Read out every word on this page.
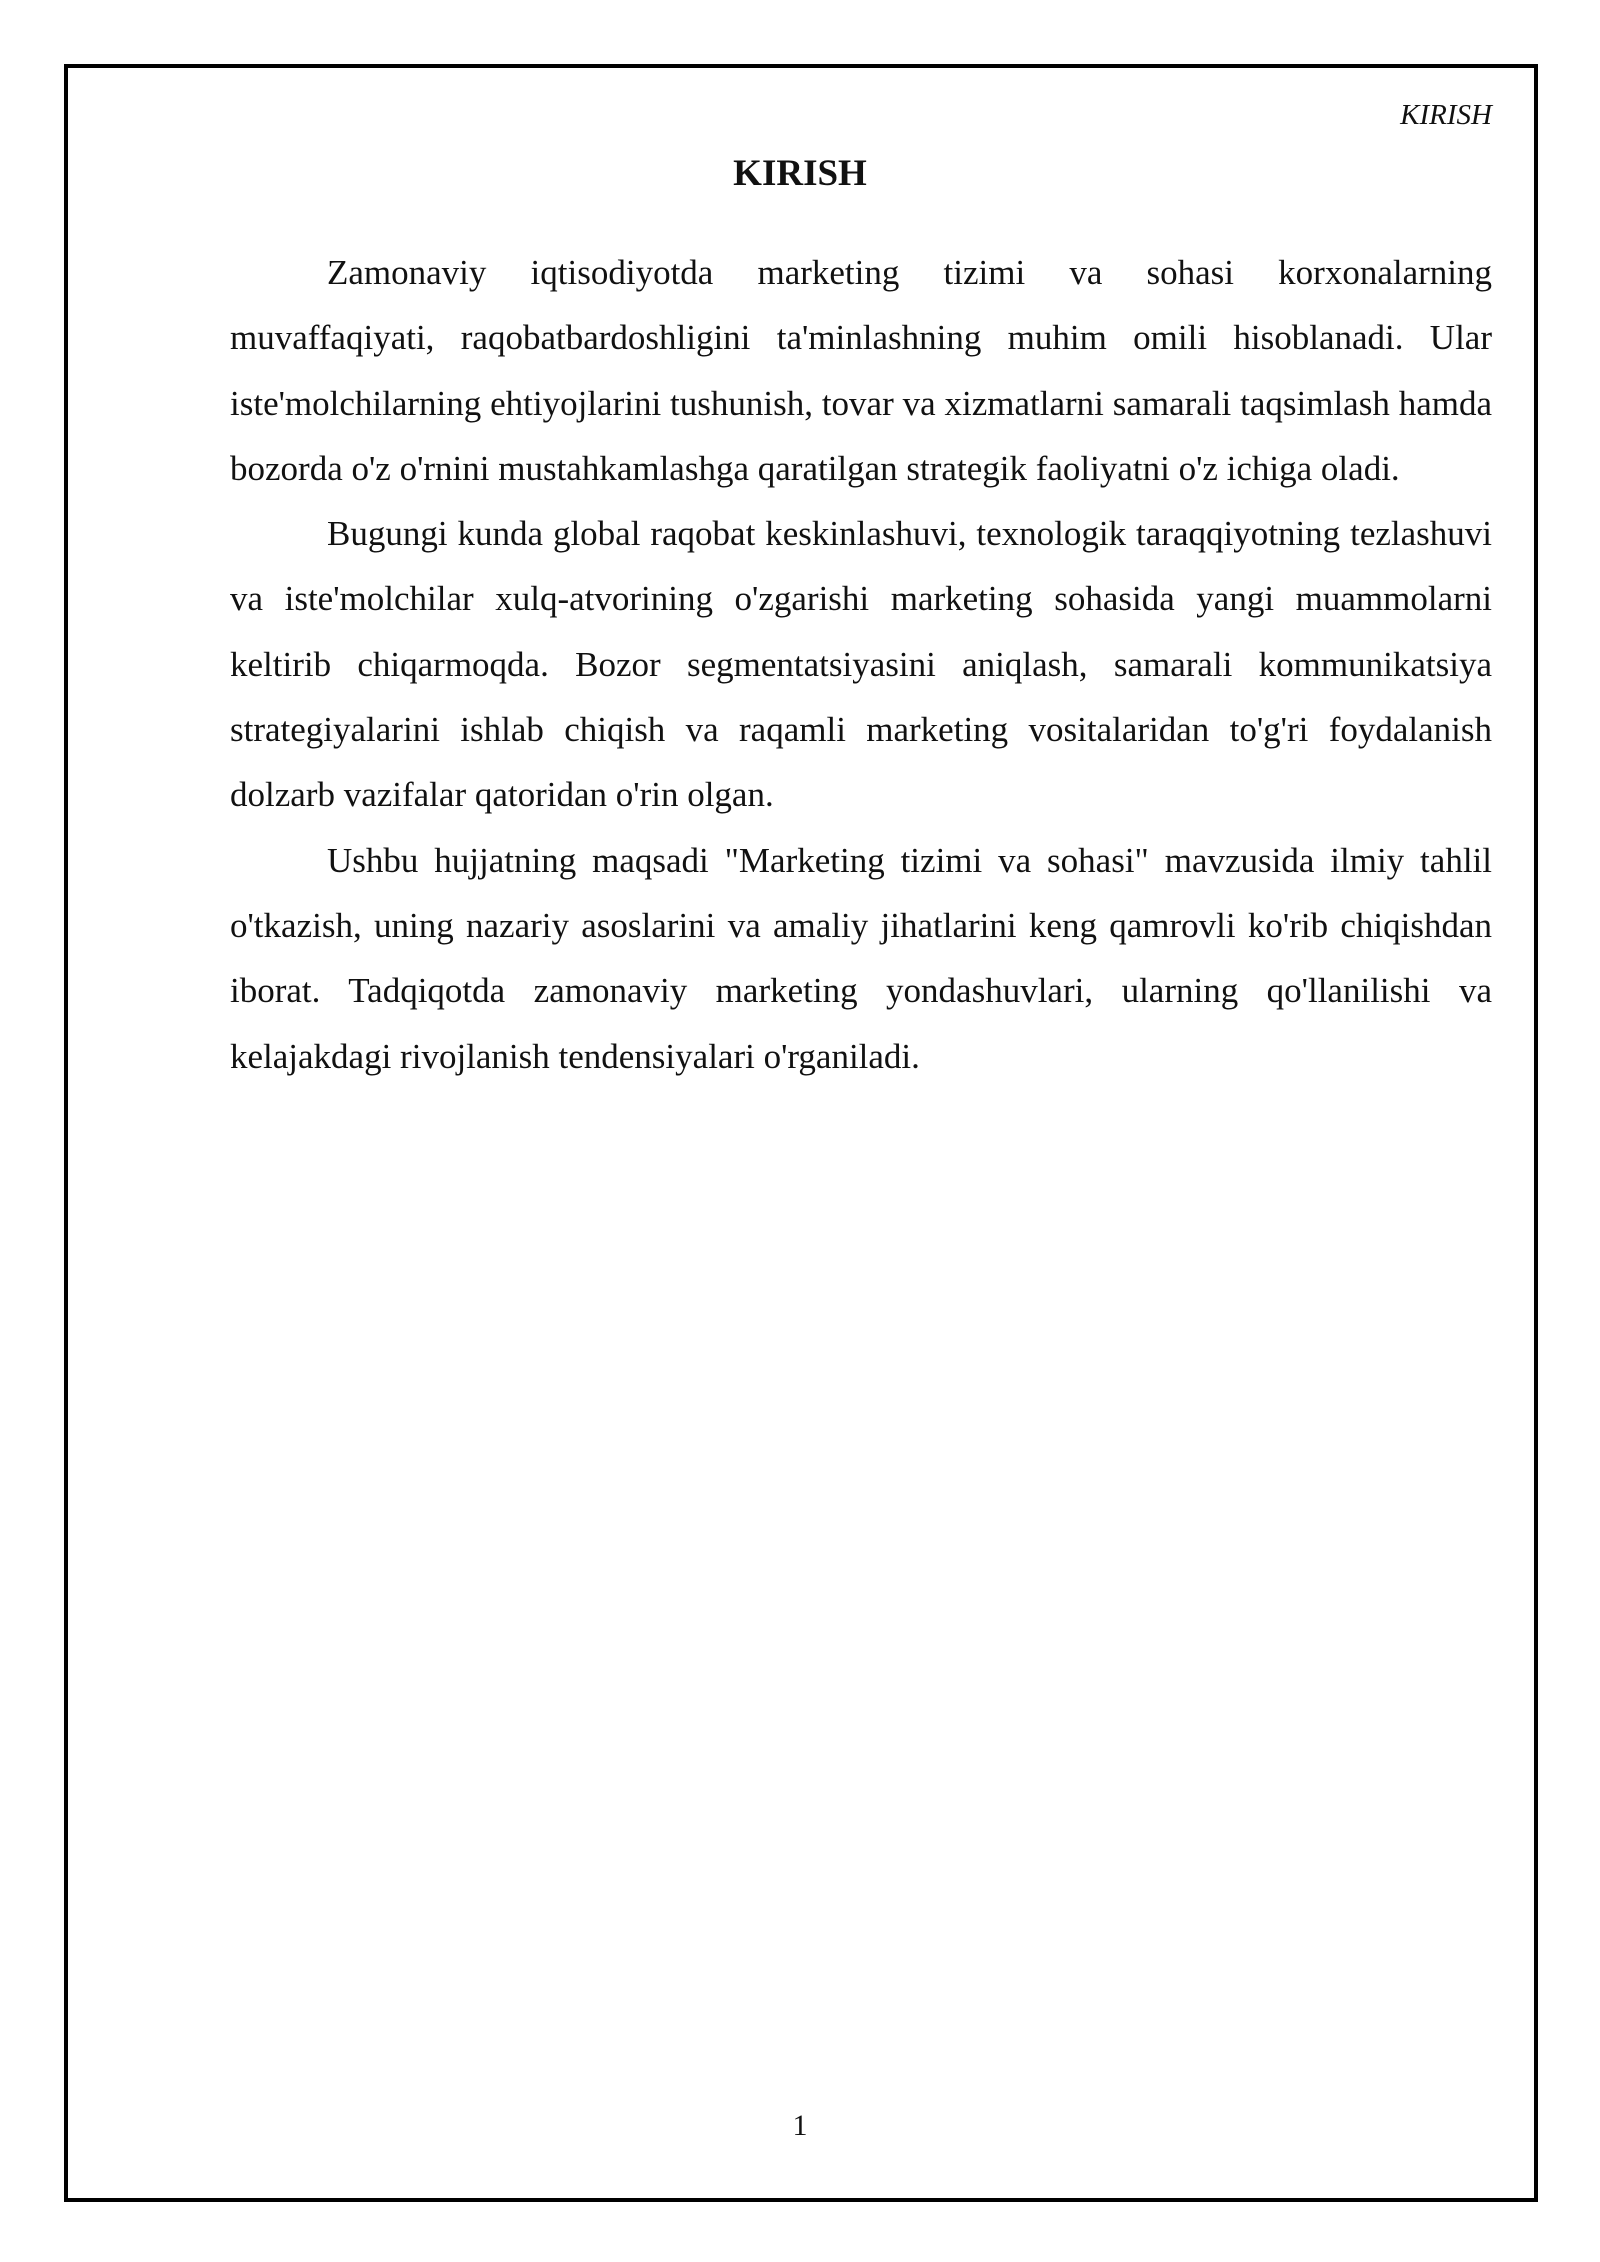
KIRISH
KIRISH

Zamonaviy iqtisodiyotda marketing tizimi va sohasi korxonalarning muvaffaqiyati, raqobatbardoshligini ta'minlashning muhim omili hisoblanadi. Ular iste'molchilarning ehtiyojlarini tushunish, tovar va xizmatlarni samarali taqsimlash hamda bozorda o'z o'rnini mustahkamlashga qaratilgan strategik faoliyatni o'z ichiga oladi.

Bugungi kunda global raqobat keskinlashuvi, texnologik taraqqiyotning tezlashuvi va iste'molchilar xulq-atvorining o'zgarishi marketing sohasida yangi muammolarni keltirib chiqarmoqda. Bozor segmentatsiyasini aniqlash, samarali kommunikatsiya strategiyalarini ishlab chiqish va raqamli marketing vositalaridan to'g'ri foydalanish dolzarb vazifalar qatoridan o'rin olgan.

Ushbu hujjatning maqsadi "Marketing tizimi va sohasi" mavzusida ilmiy tahlil o'tkazish, uning nazariy asoslarini va amaliy jihatlarini keng qamrovli ko'rib chiqishdan iborat. Tadqiqotda zamonaviy marketing yondashuvlari, ularning qo'llanilishi va kelajakdagi rivojlanish tendensiyalari o'rganiladi.

1
